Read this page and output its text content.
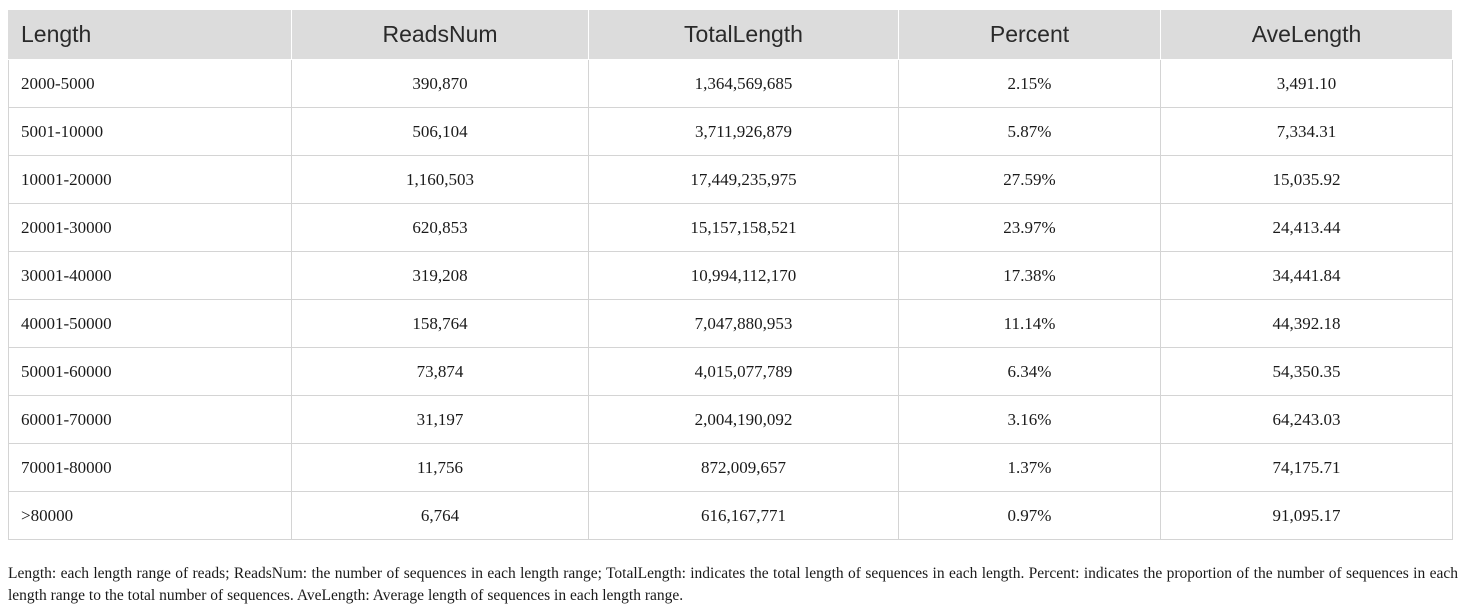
Length	ReadsNum	TotalLength	Percent	AveLength
2000-5000	390,870	1,364,569,685	2.15%	3,491.10
5001-10000	506,104	3,711,926,879	5.87%	7,334.31
10001-20000	1,160,503	17,449,235,975	27.59%	15,035.92
20001-30000	620,853	15,157,158,521	23.97%	24,413.44
30001-40000	319,208	10,994,112,170	17.38%	34,441.84
40001-50000	158,764	7,047,880,953	11.14%	44,392.18
50001-60000	73,874	4,015,077,789	6.34%	54,350.35
60001-70000	31,197	2,004,190,092	3.16%	64,243.03
70001-80000	11,756	872,009,657	1.37%	74,175.71
>80000	6,764	616,167,771	0.97%	91,095.17

Length: each length range of reads; ReadsNum: the number of sequences in each length range; TotalLength: indicates the total length of sequences in each length. Percent: indicates the proportion of the number of sequences in each length range to the total number of sequences. AveLength: Average length of sequences in each length range.
